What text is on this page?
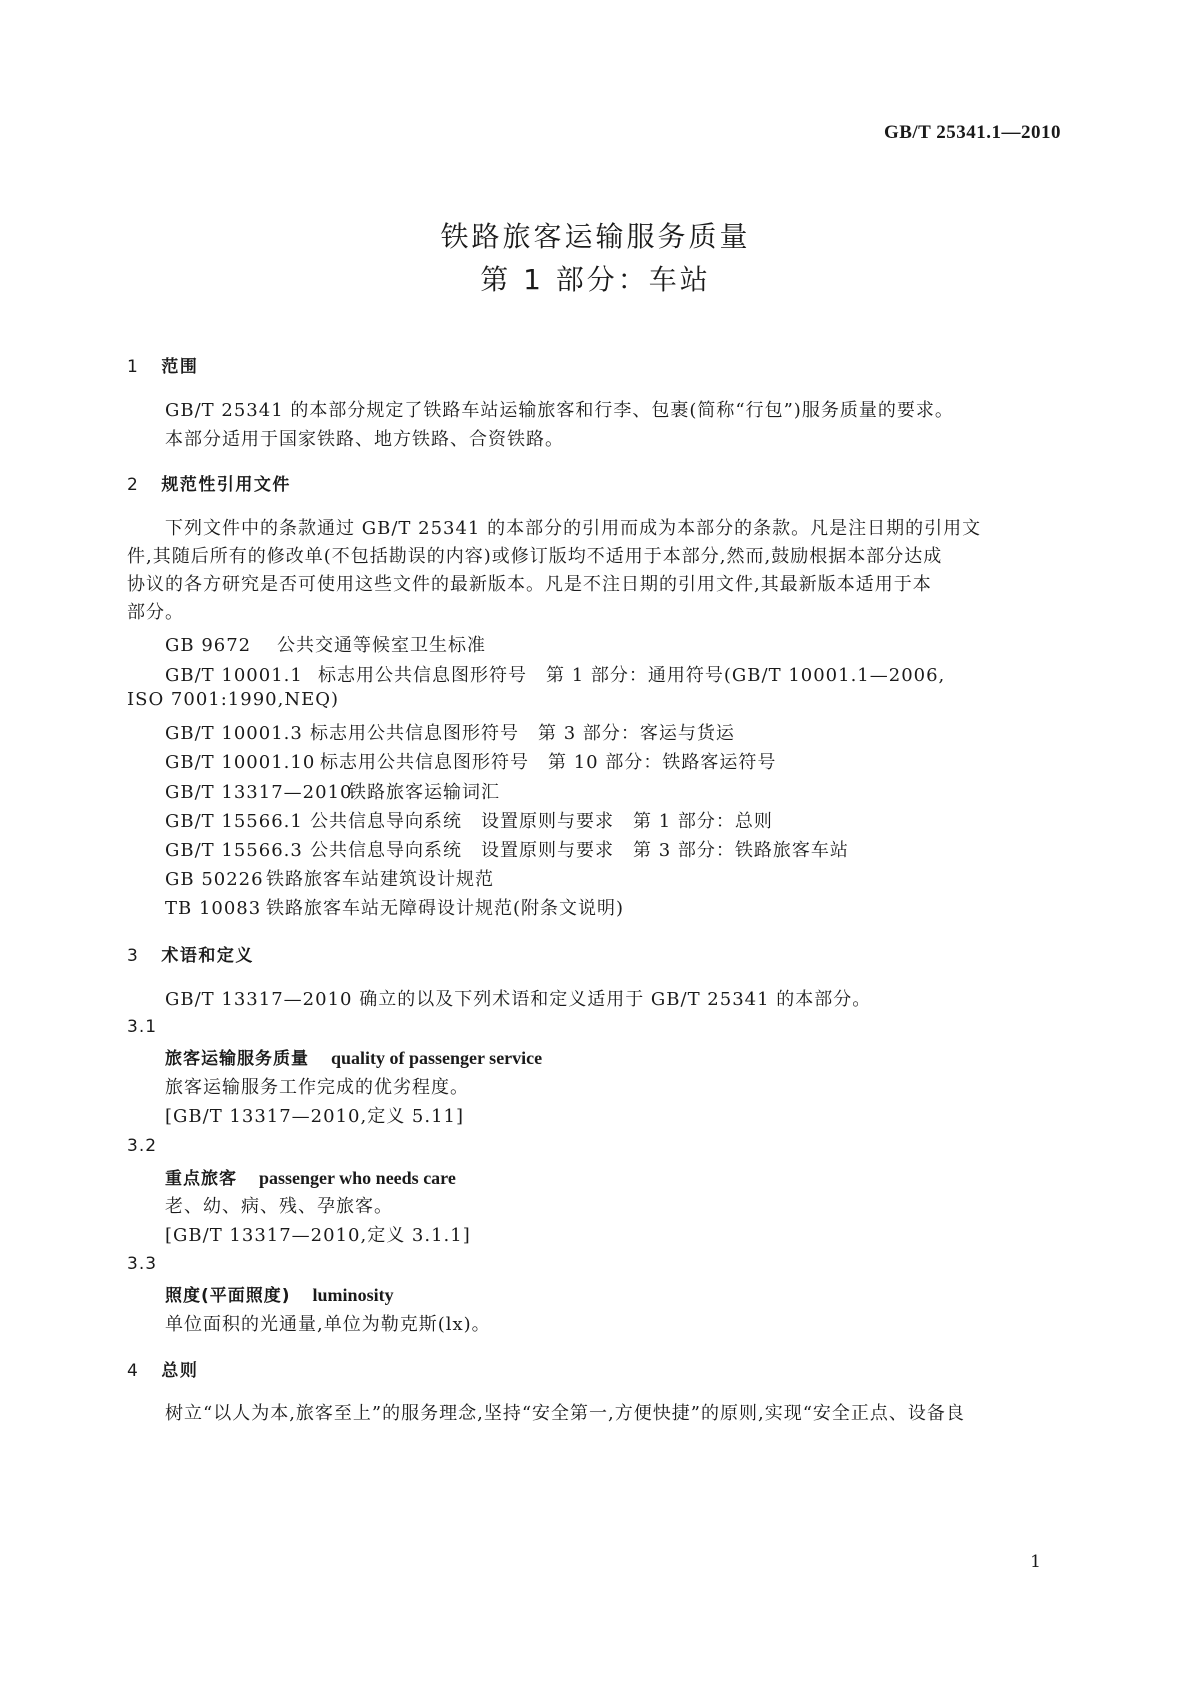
GB/T 25341.1—2010
铁路旅客运输服务质量
第 1 部分：车站
1 范围
GB/T 25341 的本部分规定了铁路车站运输旅客和行李、包裹(简称“行包”)服务质量的要求。
本部分适用于国家铁路、地方铁路、合资铁路。
2 规范性引用文件
下列文件中的条款通过 GB/T 25341 的本部分的引用而成为本部分的条款。凡是注日期的引用文
件,其随后所有的修改单(不包括勘误的内容)或修订版均不适用于本部分,然而,鼓励根据本部分达成
协议的各方研究是否可使用这些文件的最新版本。凡是不注日期的引用文件,其最新版本适用于本
部分。
GB 9672 公共交通等候室卫生标准
GB/T 10001.1 标志用公共信息图形符号　第 1 部分：通用符号(GB/T 10001.1—2006,
ISO 7001:1990,NEQ)
GB/T 10001.3 标志用公共信息图形符号　第 3 部分：客运与货运
GB/T 10001.10 标志用公共信息图形符号　第 10 部分：铁路客运符号
GB/T 13317—2010铁路旅客运输词汇
GB/T 15566.1 公共信息导向系统　设置原则与要求　第 1 部分：总则
GB/T 15566.3 公共信息导向系统　设置原则与要求　第 3 部分：铁路旅客车站
GB 50226 铁路旅客车站建筑设计规范
TB 10083 铁路旅客车站无障碍设计规范(附条文说明)
3 术语和定义
GB/T 13317—2010 确立的以及下列术语和定义适用于 GB/T 25341 的本部分。
3.1
旅客运输服务质量 quality of passenger service
旅客运输服务工作完成的优劣程度。
[GB/T 13317—2010,定义 5.11]
3.2
重点旅客 passenger who needs care
老、幼、病、残、孕旅客。
[GB/T 13317—2010,定义 3.1.1]
3.3
照度(平面照度) luminosity
单位面积的光通量,单位为勒克斯(lx)。
4 总则
树立“以人为本,旅客至上”的服务理念,坚持“安全第一,方便快捷”的原则,实现“安全正点、设备良
1
